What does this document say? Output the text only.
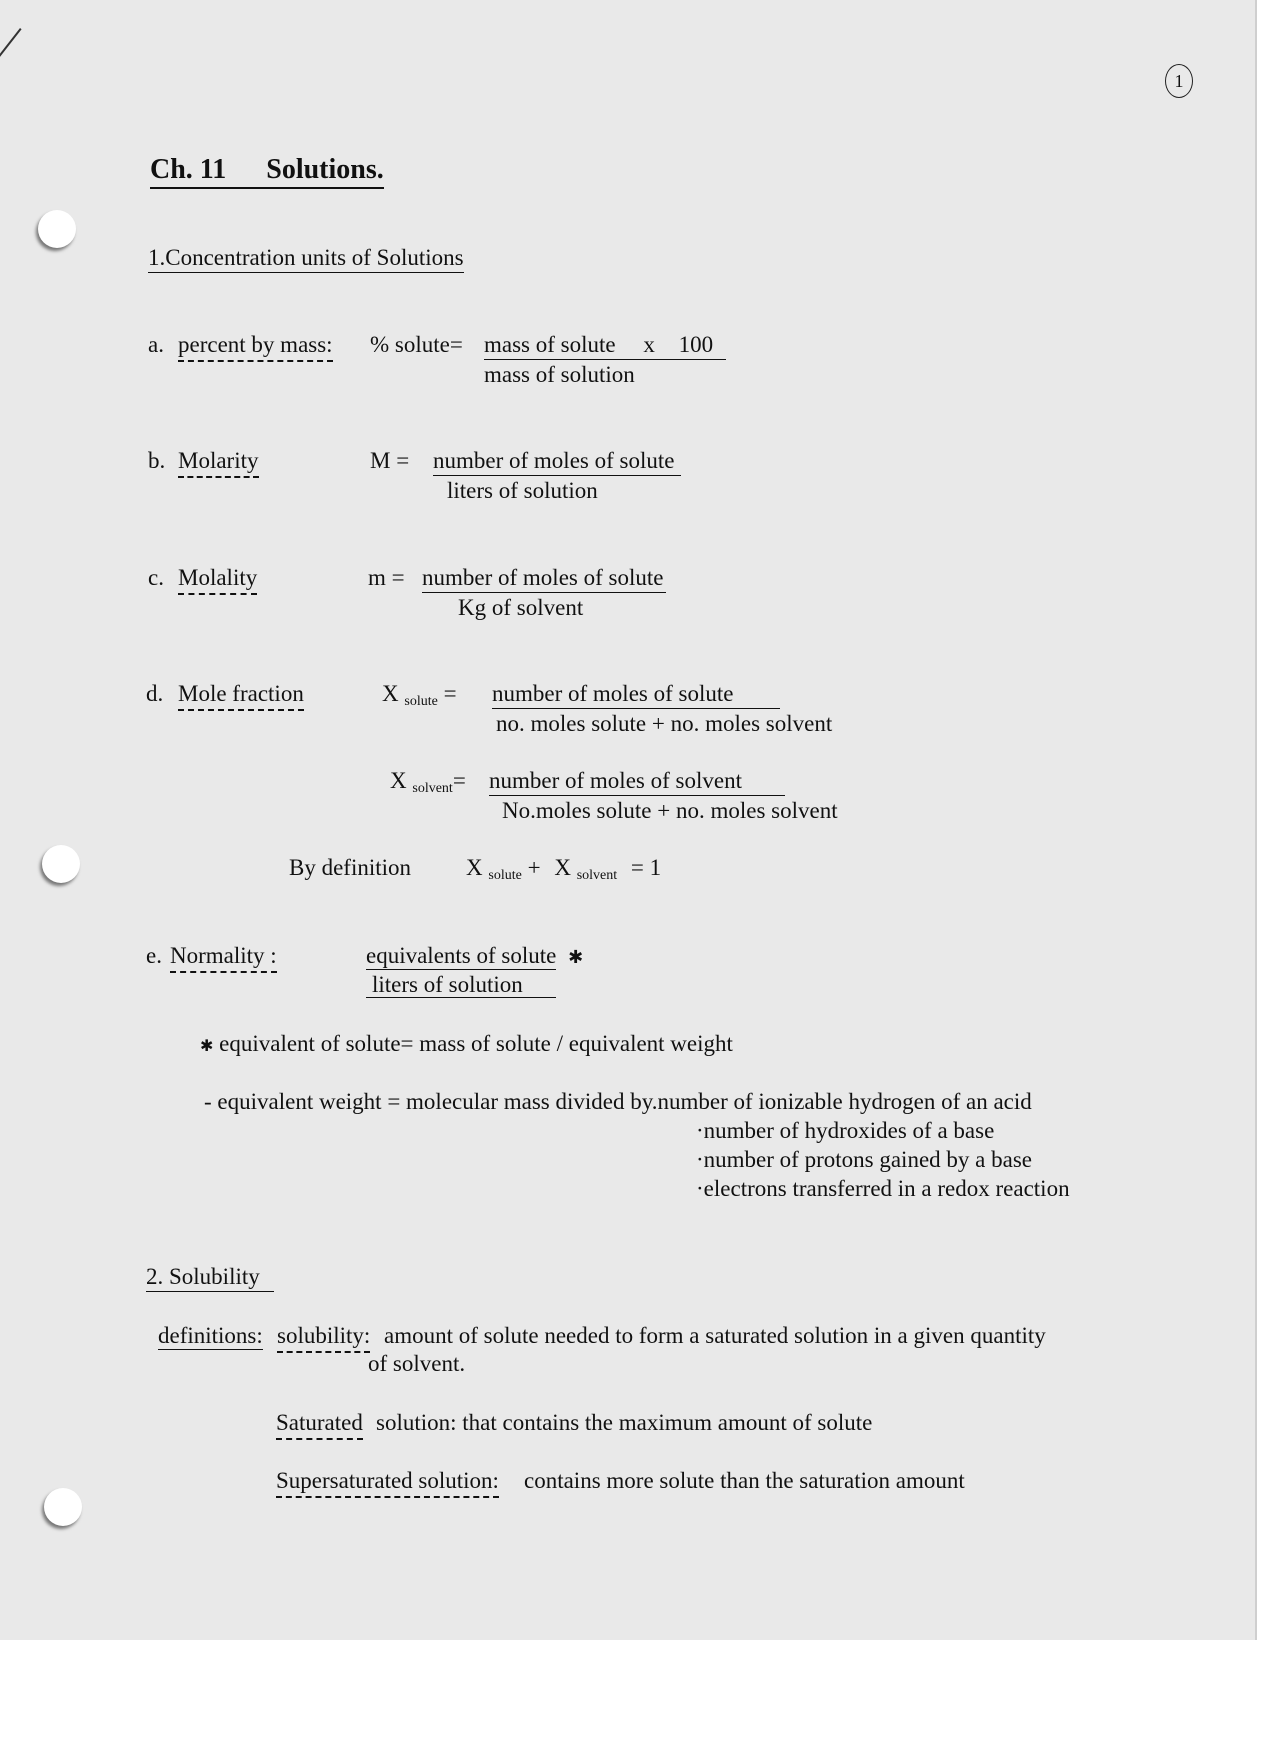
1
Ch. 11 Solutions.
1.Concentration units of Solutions
a. percent by mass: % solute= mass of solute x 100
mass of solution
b. Molarity	M = number of moles of solute
liters of solution
c. Molality	m = number of moles of solute
Kg of solvent
d. Mole fraction	X solute = number of moles of solute
no. moles solute + no. moles solvent
X solvent= number of moles of solvent
No.moles solute + no. moles solvent
By definition X solute + X solvent = 1
e. Normality :	equivalents of solute ✱
liters of solution
✱ equivalent of solute= mass of solute / equivalent weight
- equivalent weight = molecular mass divided by.number of ionizable hydrogen of an acid
·number of hydroxides of a base
·number of protons gained by a base
·electrons transferred in a redox reaction
2. Solubility
definitions: solubility: amount of solute needed to form a saturated solution in a given quantity
of solvent.
Saturated solution: that contains the maximum amount of solute
Supersaturated solution: contains more solute than the saturation amount
